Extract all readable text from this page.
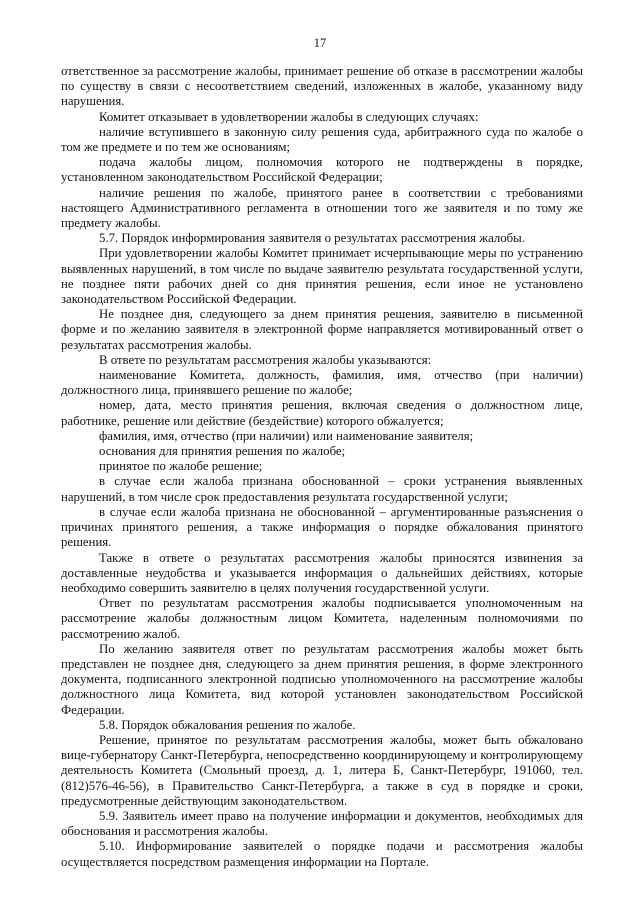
17

ответственное за рассмотрение жалобы, принимает решение об отказе в рассмотрении жалобы по существу в связи с несоответствием сведений, изложенных в жалобе, указанному виду нарушения.

Комитет отказывает в удовлетворении жалобы в следующих случаях:

наличие вступившего в законную силу решения суда, арбитражного суда по жалобе о том же предмете и по тем же основаниям;

подача жалобы лицом, полномочия которого не подтверждены в порядке, установленном законодательством Российской Федерации;

наличие решения по жалобе, принятого ранее в соответствии с требованиями настоящего Административного регламента в отношении того же заявителя и по тому же предмету жалобы.

5.7. Порядок информирования заявителя о результатах рассмотрения жалобы.

При удовлетворении жалобы Комитет принимает исчерпывающие меры по устранению выявленных нарушений, в том числе по выдаче заявителю результата государственной услуги, не позднее пяти рабочих дней со дня принятия решения, если иное не установлено законодательством Российской Федерации.

Не позднее дня, следующего за днем принятия решения, заявителю в письменной форме и по желанию заявителя в электронной форме направляется мотивированный ответ о результатах рассмотрения жалобы.

В ответе по результатам рассмотрения жалобы указываются:

наименование Комитета, должность, фамилия, имя, отчество (при наличии) должностного лица, принявшего решение по жалобе;

номер, дата, место принятия решения, включая сведения о должностном лице, работнике, решение или действие (бездействие) которого обжалуется;

фамилия, имя, отчество (при наличии) или наименование заявителя;

основания для принятия решения по жалобе;

принятое по жалобе решение;

в случае если жалоба признана обоснованной – сроки устранения выявленных нарушений, в том числе срок предоставления результата государственной услуги;

в случае если жалоба признана не обоснованной – аргументированные разъяснения о причинах принятого решения, а также информация о порядке обжалования принятого решения.

Также в ответе о результатах рассмотрения жалобы приносятся извинения за доставленные неудобства и указывается информация о дальнейших действиях, которые необходимо совершить заявителю в целях получения государственной услуги.

Ответ по результатам рассмотрения жалобы подписывается уполномоченным на рассмотрение жалобы должностным лицом Комитета, наделенным полномочиями по рассмотрению жалоб.

По желанию заявителя ответ по результатам рассмотрения жалобы может быть представлен не позднее дня, следующего за днем принятия решения, в форме электронного документа, подписанного электронной подписью уполномоченного на рассмотрение жалобы должностного лица Комитета, вид которой установлен законодательством Российской Федерации.

5.8. Порядок обжалования решения по жалобе.

Решение, принятое по результатам рассмотрения жалобы, может быть обжаловано вице-губернатору Санкт-Петербурга, непосредственно координирующему и контролирующему деятельность Комитета (Смольный проезд, д. 1, литера Б, Санкт-Петербург, 191060, тел. (812)576-46-56), в Правительство Санкт-Петербурга, а также в суд в порядке и сроки, предусмотренные действующим законодательством.

5.9. Заявитель имеет право на получение информации и документов, необходимых для обоснования и рассмотрения жалобы.

5.10. Информирование заявителей о порядке подачи и рассмотрения жалобы осуществляется посредством размещения информации на Портале.
